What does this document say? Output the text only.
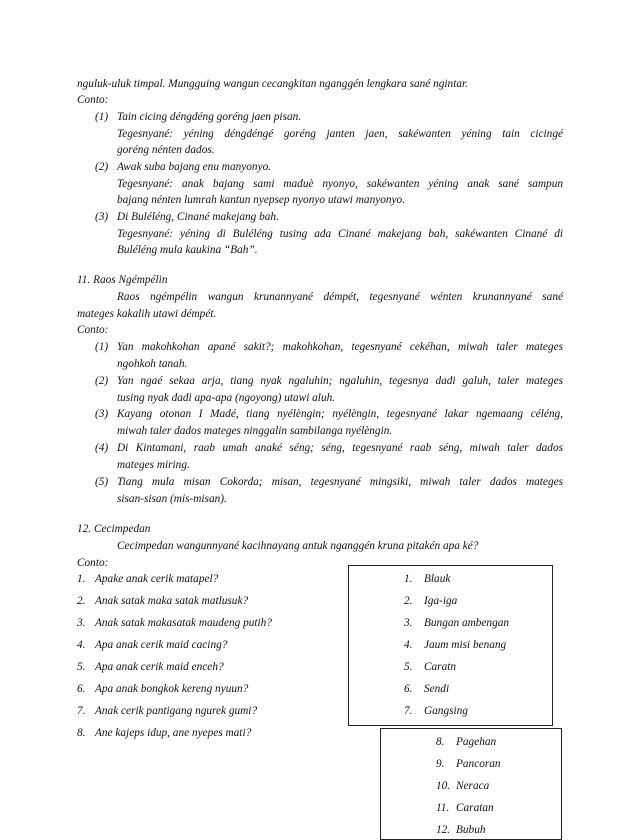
nguluk-uluk timpal. Mungguing wangun cecangkitan nganggén lengkara sané ngintar.
Conto:
(1) Tain cicing déngdéng goréng jaen pisan.
Tegesnyané: yéning déngdéngé goréng janten jaen, sakéwanten yéning tain cicingé
goréng nénten dados.
(2) Awak suba bajang enu manyonyo.
Tegesnyané: anak bajang sami maduè nyonyo, sakéwanten yéning anak sané sampun
bajang nénten lumrah kantun nyepsep nyonyo utawi manyonyo.
(3) Di Buléléng, Cinané makejang bah.
Tegesnyané: yéning di Buléléng tusing ada Cinané makejang bah, sakéwanten Cinané di
Buléléng mula kaukina “Bah”.
11. Raos Ngémpélin
Raos ngémpélin wangun krunannyané démpét, tegesnyané wénten krunannyané sané
mateges kakalih utawi démpét.
Conto:
(1) Yan makohkohan apané sakit?; makohkohan, tegesnyané cekéhan, miwah taler mateges
ngohkoh tanah.
(2) Yan ngaé sekaa arja, tiang nyak ngaluhin; ngaluhin, tegesnya dadi galuh, taler mateges
tusing nyak dadi apa-apa (ngoyong) utawi aluh.
(3) Kayang otonan I Madé, tiang nyélèngin; nyélèngin, tegesnyané lakar ngemaang céléng,
miwah taler dados mateges ninggalin sambilanga nyélèngin.
(4) Di Kintamani, raab umah anaké séng; séng, tegesnyané raab séng, miwah taler dados
mateges miring.
(5) Tiang mula misan Cokorda; misan, tegesnyané mingsiki, miwah taler dados mateges
sisan-sisan (mis-misan).
12. Cecimpedan
Cecimpedan wangunnyané kacihnayang antuk nganggén kruna pitakén apa ké?
Conto:
1. Apake anak cerik matapel?
2. Anak satak maka satak matlusuk?
3. Anak satak makasatak maudeng putih?
4. Apa anak cerik maid cacing?
5. Apa anak cerik maid enceh?
6. Apa anak bongkok kereng nyuun?
7. Anak cerik pantigang ngurek gumi?
8. Ane kajeps idup, ane nyepes mati?
1. Blauk
2. Iga-iga
3. Bungan ambengan
4. Jaum misi benang
5. Caratn
6. Sendi
7. Gangsing
8. Pagehan
9. Pancoran
10. Neraca
11. Caratan
12. Bubuh
